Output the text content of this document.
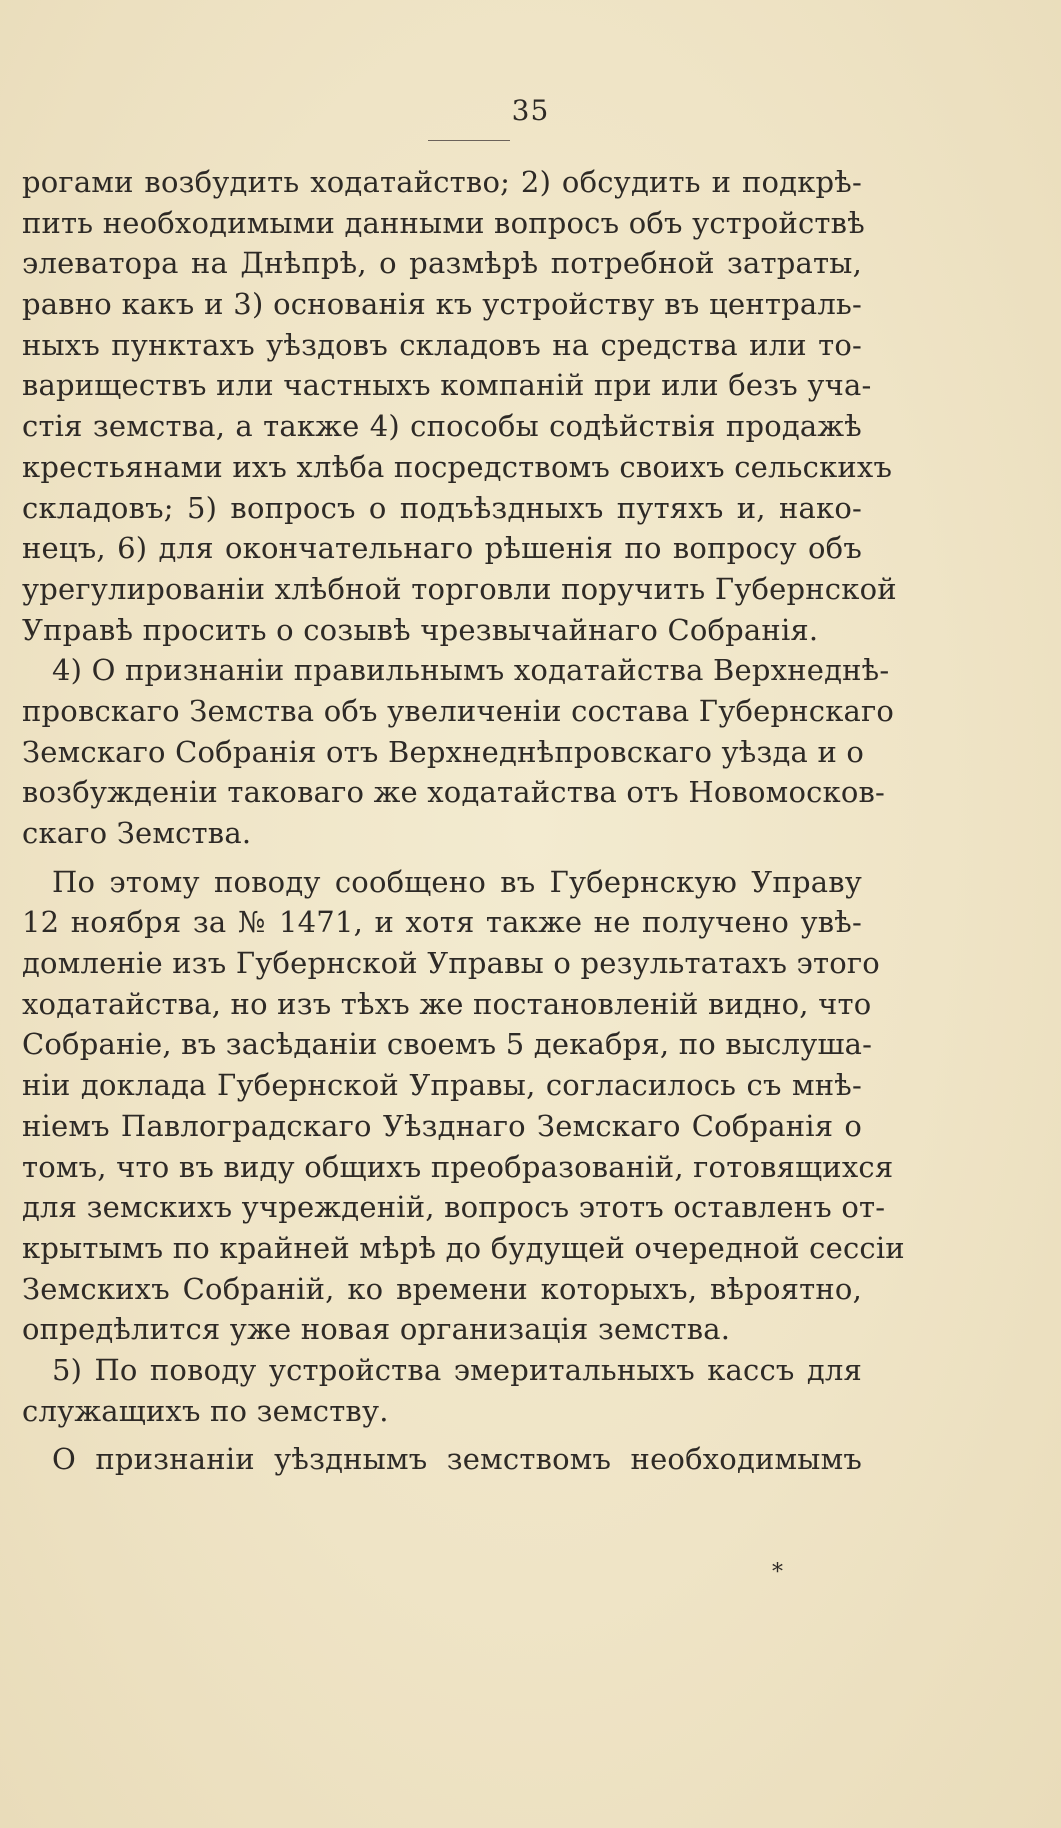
35
рогами возбудить ходатайство; 2) обсудить и подкрѣ-
пить необходимыми данными вопросъ объ устройствѣ
элеватора на Днѣпрѣ, о размѣрѣ потребной затраты,
равно какъ и 3) основанія къ устройству въ централь-
ныхъ пунктахъ уѣздовъ складовъ на средства или то-
вариществъ или частныхъ компаній при или безъ уча-
стія земства, а также 4) способы содѣйствія продажѣ
крестьянами ихъ хлѣба посредствомъ своихъ сельскихъ
складовъ; 5) вопросъ о подъѣздныхъ путяхъ и, нако-
нецъ, 6) для окончательнаго рѣшенія по вопросу объ
урегулированіи хлѣбной торговли поручить Губернской
Управѣ просить о созывѣ чрезвычайнаго Собранія.
4) О признаніи правильнымъ ходатайства Верхнеднѣ-
провскаго Земства объ увеличеніи состава Губернскаго
Земскаго Собранія отъ Верхнеднѣпровскаго уѣзда и о
возбужденіи таковаго же ходатайства отъ Новомосков-
скаго Земства.
По этому поводу сообщено въ Губернскую Управу
12 ноября за № 1471, и хотя также не получено увѣ-
домленіе изъ Губернской Управы о результатахъ этого
ходатайства, но изъ тѣхъ же постановленій видно, что
Собраніе, въ засѣданіи своемъ 5 декабря, по выслуша-
ніи доклада Губернской Управы, согласилось съ мнѣ-
ніемъ Павлоградскаго Уѣзднаго Земскаго Собранія о
томъ, что въ виду общихъ преобразованій, готовящихся
для земскихъ учрежденій, вопросъ этотъ оставленъ от-
крытымъ по крайней мѣрѣ до будущей очередной сессіи
Земскихъ Собраній, ко времени которыхъ, вѣроятно,
опредѣлится уже новая организація земства.
5) По поводу устройства эмеритальныхъ кассъ для
служащихъ по земству.
О признаніи уѣзднымъ земствомъ необходимымъ
*
